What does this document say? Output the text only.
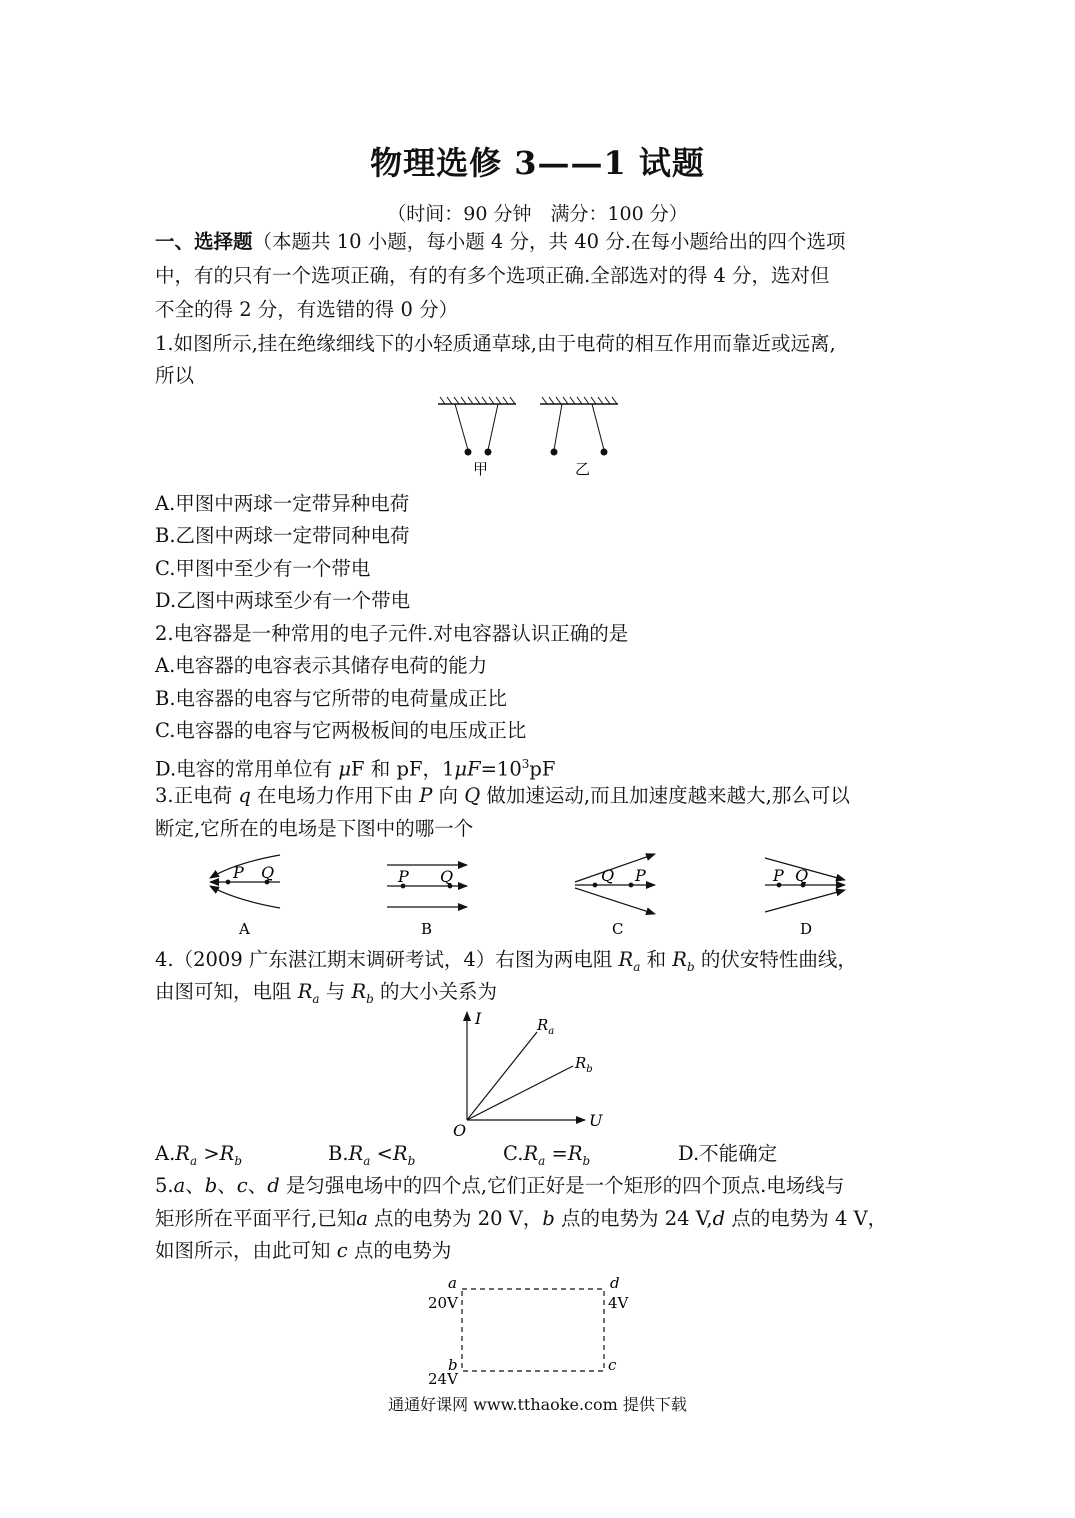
物理选修 3——1 试题
（时间：90 分钟　满分：100 分）
一、选择题（本题共 10 小题，每小题 4 分，共 40 分.在每小题给出的四个选项
中，有的只有一个选项正确，有的有多个选项正确.全部选对的得 4 分，选对但
不全的得 2 分，有选错的得 0 分）
1.如图所示,挂在绝缘细线下的小轻质通草球,由于电荷的相互作用而靠近或远离,
所以
甲	乙
A.甲图中两球一定带异种电荷
B.乙图中两球一定带同种电荷
C.甲图中至少有一个带电
D.乙图中两球至少有一个带电
2.电容器是一种常用的电子元件.对电容器认识正确的是
A.电容器的电容表示其储存电荷的能力
B.电容器的电容与它所带的电荷量成正比
C.电容器的电容与它两极板间的电压成正比
D.电容的常用单位有 μF 和 pF，$1\mu F=10^3pF$
3.正电荷 q 在电场力作用下由 P 向 Q 做加速运动,而且加速度越来越大,那么可以
断定,它所在的电场是下图中的哪一个
P Q
A
P Q
B
Q P
C
P Q
D
4.（2009 广东湛江期末调研考试，4）右图为两电阻 $R_a$ 和 $R_b$ 的伏安特性曲线，
由图可知，电阻 $R_a$ 与 $R_b$ 的大小关系为
I
U
O
$R_a$
$R_b$
$A.R_a >R_b$	$B.R_a <R_b$	$C.R_a =R_b$	D.不能确定
5.a、b、c、d 是匀强电场中的四个点,它们正好是一个矩形的四个顶点.电场线与
矩形所在平面平行,已知a 点的电势为 20 V，b 点的电势为 24 V,d 点的电势为 4 V，
如图所示，由此可知 c 点的电势为
a
20V
d
4V
b
24V
c
通通好课网 www.tthaoke.com 提供下载
